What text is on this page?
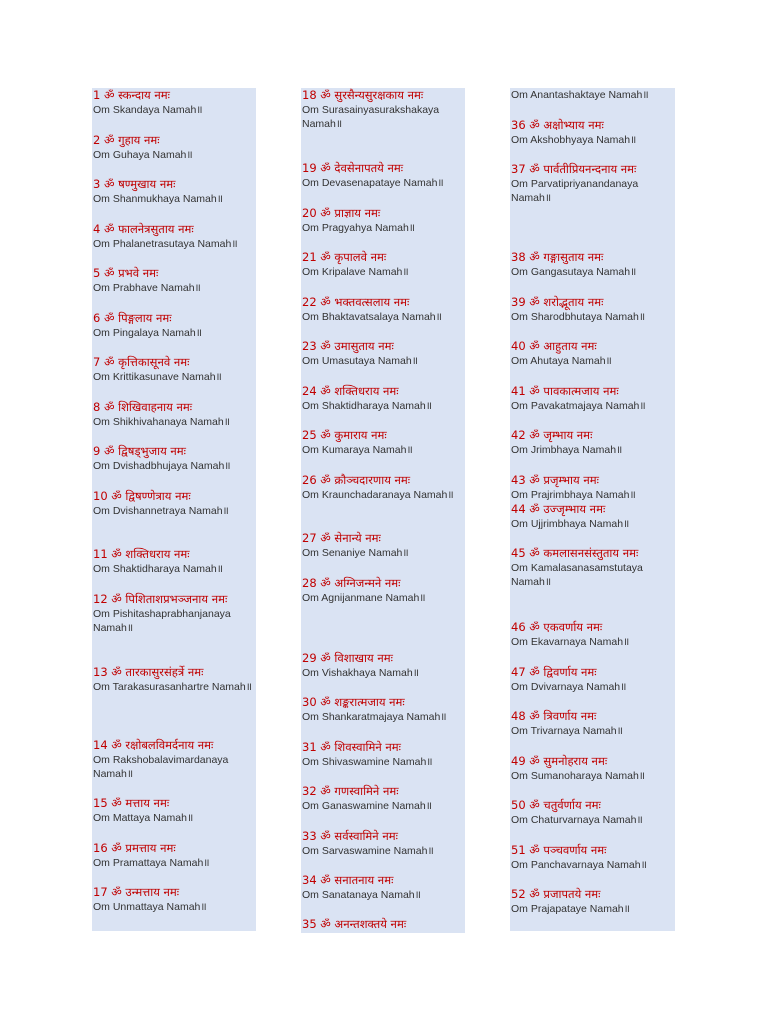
1 ॐ स्कन्दाय नमः
Om Skandaya Namah॥
2 ॐ गुहाय नमः
Om Guhaya Namah॥
3 ॐ षण्मुखाय नमः
Om Shanmukhaya Namah॥
4 ॐ फालनेत्रसुताय नमः
Om Phalanetrasutaya Namah॥
5 ॐ प्रभवे नमः
Om Prabhave Namah॥
6 ॐ पिङ्गलाय नमः
Om Pingalaya Namah॥
7 ॐ कृत्तिकासूनवे नमः
Om Krittikasunave Namah॥
8 ॐ शिखिवाहनाय नमः
Om Shikhivahanaya Namah॥
9 ॐ द्विषड्भुजाय नमः
Om Dvishadbhujaya Namah॥
10 ॐ द्विषण्णेत्राय नमः
Om Dvishannetraya Namah॥
11 ॐ शक्तिधराय नमः
Om Shaktidharaya Namah॥
12 ॐ पिशिताशप्रभञ्जनाय नमः
Om Pishitashaprabhanjanaya Namah॥
13 ॐ तारकासुरसंहर्त्रे नमः
Om Tarakasurasanhartre Namah॥
14 ॐ रक्षोबलविमर्दनाय नमः
Om Rakshobalavimardanaya Namah॥
15 ॐ मत्ताय नमः
Om Mattaya Namah॥
16 ॐ प्रमत्ताय नमः
Om Pramattaya Namah॥
17 ॐ उन्मत्ताय नमः
Om Unmattaya Namah॥
18 ॐ सुरसैन्यसुरक्षकाय नमः
Om Surasainyasurakshakaya Namah॥
19 ॐ देवसेनापतये नमः
Om Devasenapataye Namah॥
20 ॐ प्राज्ञाय नमः
Om Pragyahya Namah॥
21 ॐ कृपालवे नमः
Om Kripalave Namah॥
22 ॐ भक्तवत्सलाय नमः
Om Bhaktavatsalaya Namah॥
23 ॐ उमासुताय नमः
Om Umasutaya Namah॥
24 ॐ शक्तिधराय नमः
Om Shaktidharaya Namah॥
25 ॐ कुमाराय नमः
Om Kumaraya Namah॥
26 ॐ क्रौञ्चदारणाय नमः
Om Kraunchadaranaya Namah॥
27 ॐ सेनान्ये नमः
Om Senaniye Namah॥
28 ॐ अग्निजन्मने नमः
Om Agnijanmane Namah॥
29 ॐ विशाखाय नमः
Om Vishakhaya Namah॥
30 ॐ शङ्करात्मजाय नमः
Om Shankaratmajaya Namah॥
31 ॐ शिवस्वामिने नमः
Om Shivaswamine Namah॥
32 ॐ गणस्वामिने नमः
Om Ganaswamine Namah॥
33 ॐ सर्वस्वामिने नमः
Om Sarvaswamine Namah॥
34 ॐ सनातनाय नमः
Om Sanatanaya Namah॥
35 ॐ अनन्तशक्तये नमः
Om Anantashaktaye Namah॥
36 ॐ अक्षोभ्याय नमः
Om Akshobhyaya Namah॥
37 ॐ पार्वतीप्रियनन्दनाय नमः
Om Parvatipriyanandanaya Namah॥
38 ॐ गङ्गासुताय नमः
Om Gangasutaya Namah॥
39 ॐ शरोद्भूताय नमः
Om Sharodbhutaya Namah॥
40 ॐ आहुताय नमः
Om Ahutaya Namah॥
41 ॐ पावकात्मजाय नमः
Om Pavakatmajaya Namah॥
42 ॐ जृम्भाय नमः
Om Jrimbhaya Namah॥
43 ॐ प्रजृम्भाय नमः
Om Prajrimbhaya Namah॥
44 ॐ उज्जृम्भाय नमः
Om Ujjrimbhaya Namah॥
45 ॐ कमलासनसंस्तुताय नमः
Om Kamalasanasamstutaya Namah॥
46 ॐ एकवर्णाय नमः
Om Ekavarnaya Namah॥
47 ॐ द्विवर्णाय नमः
Om Dvivarnaya Namah॥
48 ॐ त्रिवर्णाय नमः
Om Trivarnaya Namah॥
49 ॐ सुमनोहराय नमः
Om Sumanoharaya Namah॥
50 ॐ चतुर्वर्णाय नमः
Om Chaturvarnaya Namah॥
51 ॐ पञ्चवर्णाय नमः
Om Panchavarnaya Namah॥
52 ॐ प्रजापतये नमः
Om Prajapataye Namah॥
